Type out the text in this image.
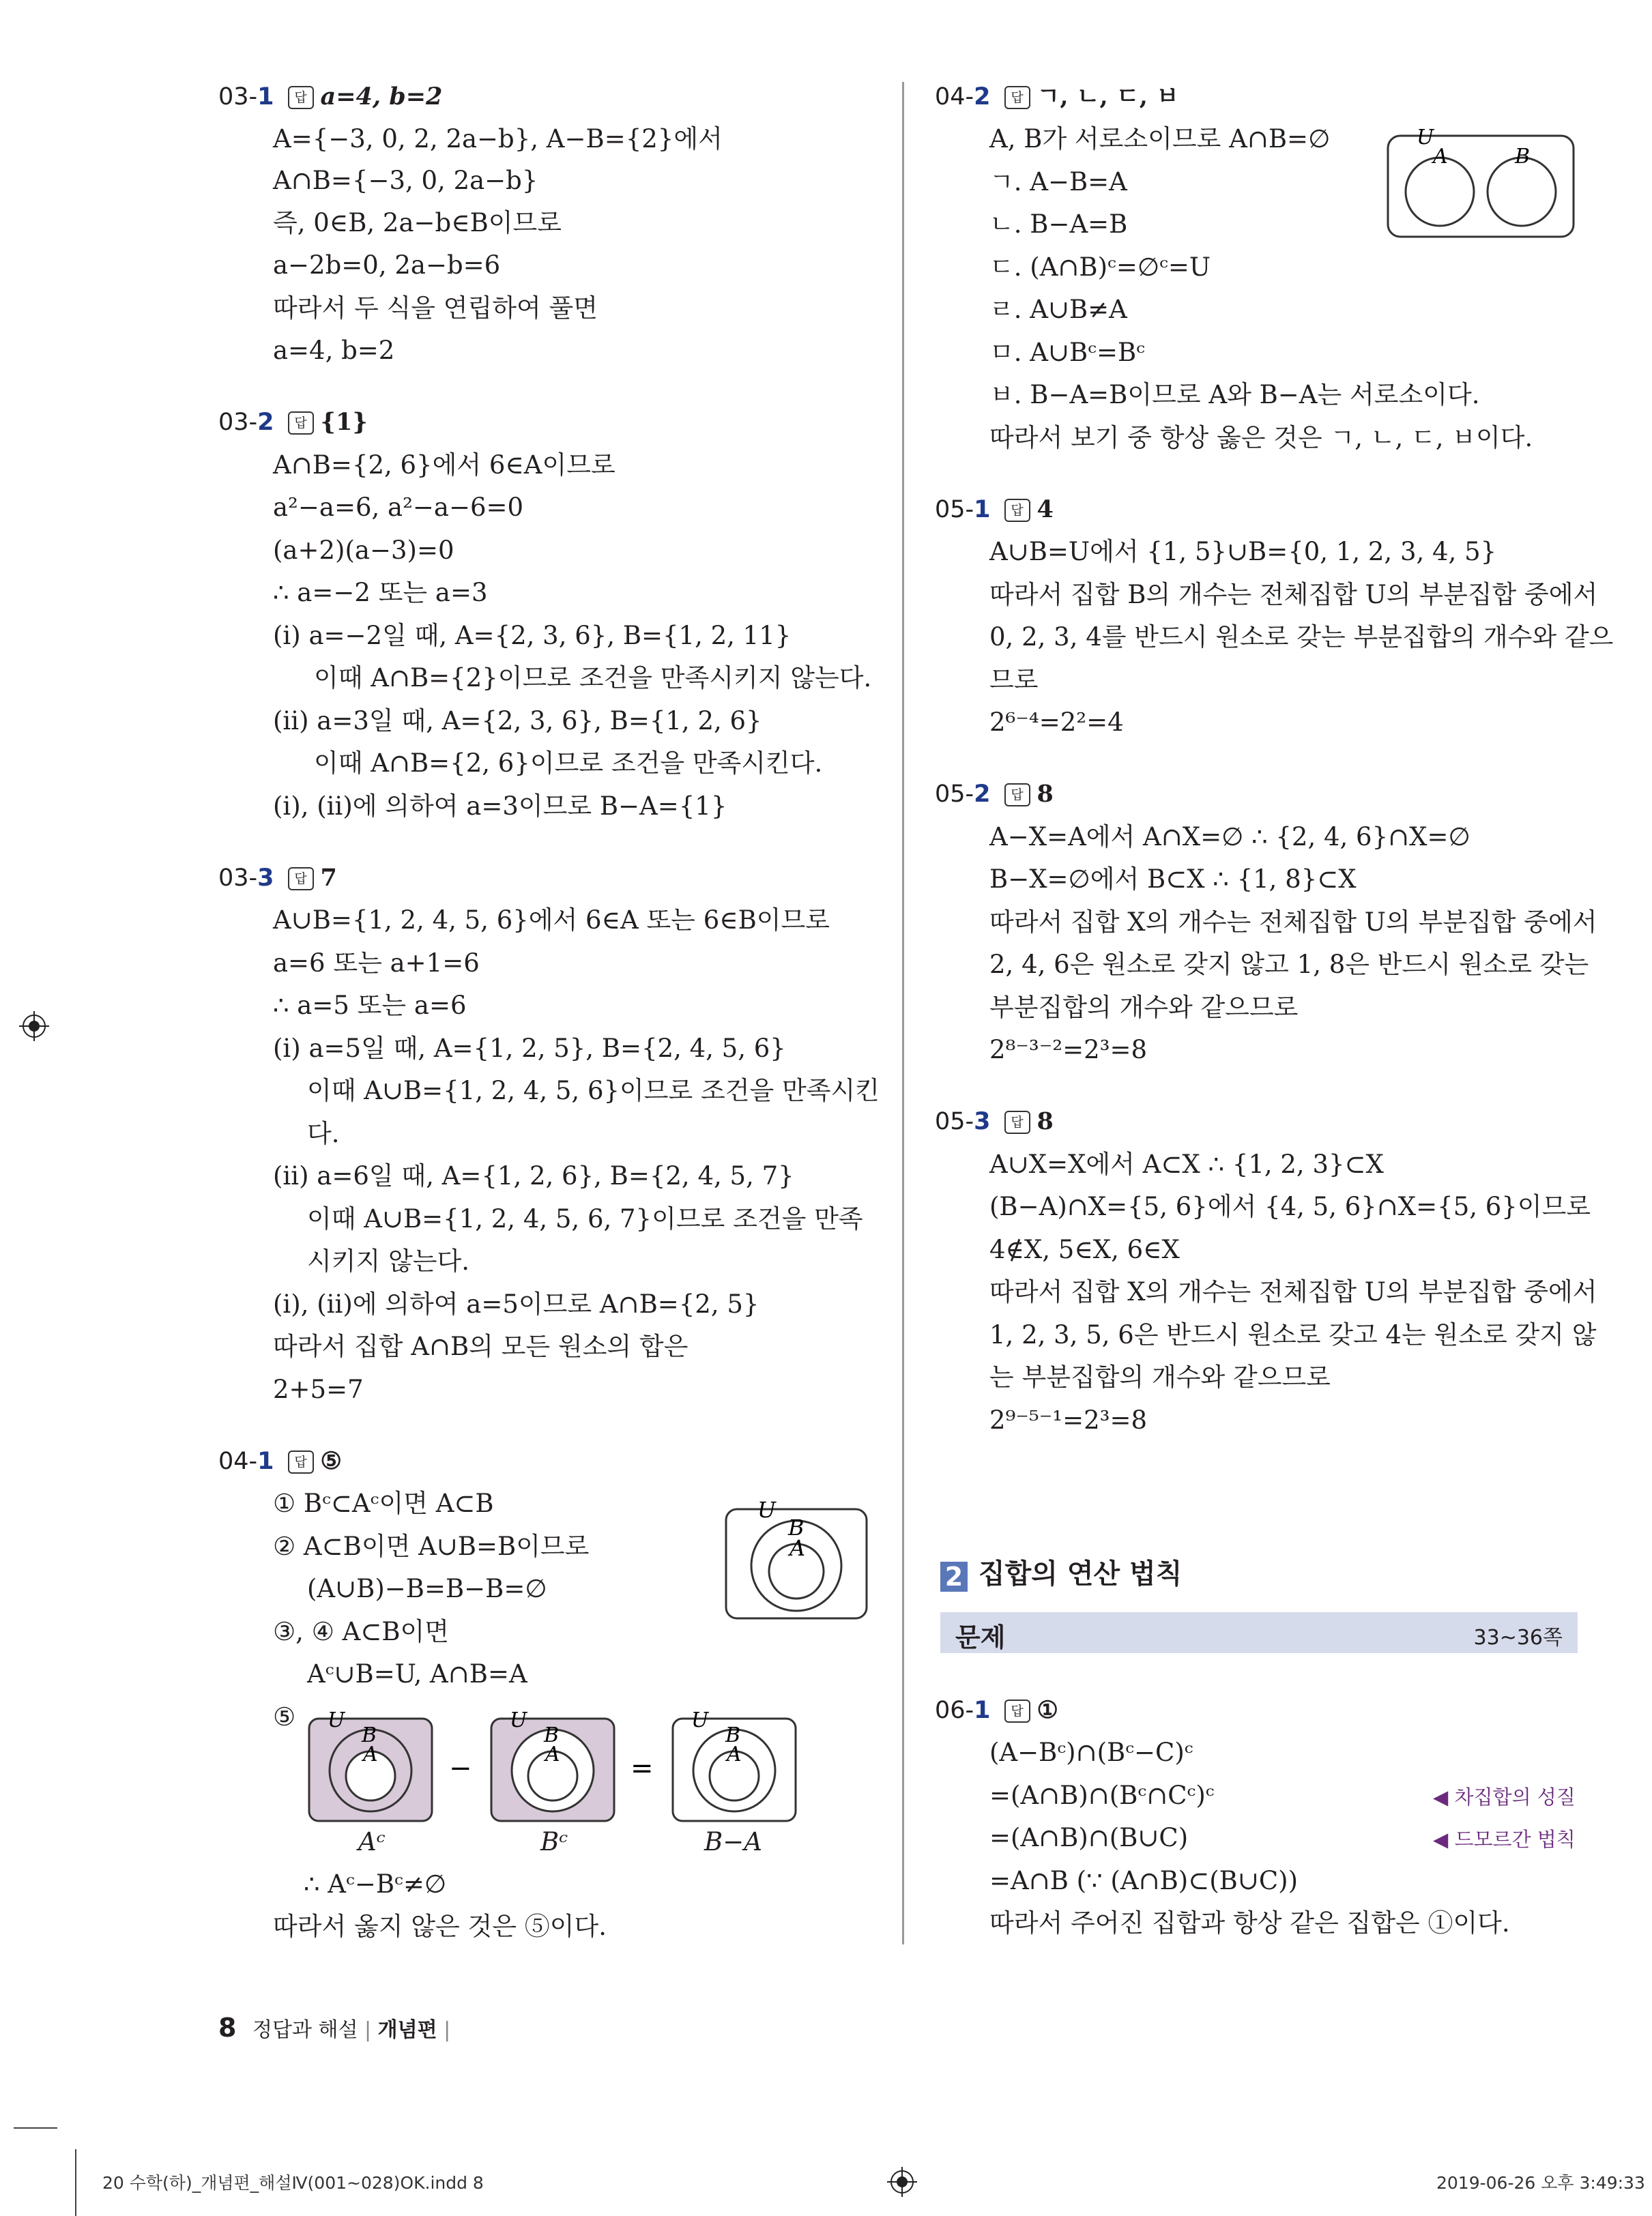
03-1 답 a=4, b=2
A={−3, 0, 2, 2a−b}, A−B={2}에서
A∩B={−3, 0, 2a−b}
즉, 0∈B, 2a−b∈B이므로
a−2b=0, 2a−b=6
따라서 두 식을 연립하여 풀면
a=4, b=2
03-2 답 {1}
A∩B={2, 6}에서 6∈A이므로
a²−a=6, a²−a−6=0
(a+2)(a−3)=0
∴ a=−2 또는 a=3
(ⅰ) a=−2일 때, A={2, 3, 6}, B={1, 2, 11}
이때 A∩B={2}이므로 조건을 만족시키지 않는다.
(ⅱ) a=3일 때, A={2, 3, 6}, B={1, 2, 6}
이때 A∩B={2, 6}이므로 조건을 만족시킨다.
(ⅰ), (ⅱ)에 의하여 a=3이므로 B−A={1}
03-3 답 7
A∪B={1, 2, 4, 5, 6}에서 6∈A 또는 6∈B이므로
a=6 또는 a+1=6
∴ a=5 또는 a=6
(ⅰ) a=5일 때, A={1, 2, 5}, B={2, 4, 5, 6}
이때 A∪B={1, 2, 4, 5, 6}이므로 조건을 만족시킨
다.
(ⅱ) a=6일 때, A={1, 2, 6}, B={2, 4, 5, 7}
이때 A∪B={1, 2, 4, 5, 6, 7}이므로 조건을 만족
시키지 않는다.
(ⅰ), (ⅱ)에 의하여 a=5이므로 A∩B={2, 5}
따라서 집합 A∩B의 모든 원소의 합은
2+5=7
04-1 답 ⑤
① Bᶜ⊂Aᶜ이면 A⊂B
② A⊂B이면 A∪B=B이므로
(A∪B)−B=B−B=∅
③, ④ A⊂B이면
Aᶜ∪B=U, A∩B=A
⑤
U
B
A
U
B
A	−
U
B
A	=
U
B
A
Aᶜ	Bᶜ	B−A
∴ Aᶜ−Bᶜ≠∅
따라서 옳지 않은 것은 ⑤이다.
04-2 답 ㄱ, ㄴ, ㄷ, ㅂ
A, B가 서로소이므로 A∩B=∅
ㄱ. A−B=A
ㄴ. B−A=B
ㄷ. (A∩B)ᶜ=∅ᶜ=U
ㄹ. A∪B≠A
ㅁ. A∪Bᶜ=Bᶜ
ㅂ. B−A=B이므로 A와 B−A는 서로소이다.
따라서 보기 중 항상 옳은 것은 ㄱ, ㄴ, ㄷ, ㅂ이다.
U
A	B
05-1 답 4
A∪B=U에서 {1, 5}∪B={0, 1, 2, 3, 4, 5}
따라서 집합 B의 개수는 전체집합 U의 부분집합 중에서
0, 2, 3, 4를 반드시 원소로 갖는 부분집합의 개수와 같으
므로
2⁶⁻⁴=2²=4
05-2 답 8
A−X=A에서 A∩X=∅ ∴ {2, 4, 6}∩X=∅
B−X=∅에서 B⊂X ∴ {1, 8}⊂X
따라서 집합 X의 개수는 전체집합 U의 부분집합 중에서
2, 4, 6은 원소로 갖지 않고 1, 8은 반드시 원소로 갖는
부분집합의 개수와 같으므로
2⁸⁻³⁻²=2³=8
05-3 답 8
A∪X=X에서 A⊂X ∴ {1, 2, 3}⊂X
(B−A)∩X={5, 6}에서 {4, 5, 6}∩X={5, 6}이므로
4∉X, 5∈X, 6∈X
따라서 집합 X의 개수는 전체집합 U의 부분집합 중에서
1, 2, 3, 5, 6은 반드시 원소로 갖고 4는 원소로 갖지 않
는 부분집합의 개수와 같으므로
2⁹⁻⁵⁻¹=2³=8
2 집합의 연산 법칙
문제	33~36쪽
06-1 답 ①
(A−Bᶜ)∩(Bᶜ−C)ᶜ
=(A∩B)∩(Bᶜ∩Cᶜ)ᶜ	◀ 차집합의 성질
=(A∩B)∩(B∪C)	◀ 드모르간 법칙
=A∩B (∵ (A∩B)⊂(B∪C))
따라서 주어진 집합과 항상 같은 집합은 ①이다.
8 정답과 해설 | 개념편 |
20 수학(하)_개념편_해설Ⅳ(001~028)OK.indd 8	2019-06-26 오후 3:49:33
